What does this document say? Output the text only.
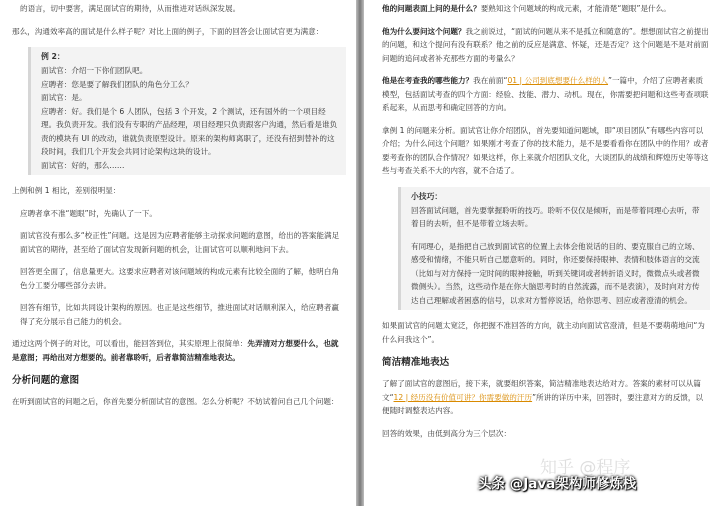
的语言，切中要害，满足面试官的期待，从而推进对话纵深发展。

那么，沟通效率高的面试是什么样子呢？对比上面的例子，下面的回答会让面试官更为满意：

例 2：

面试官：介绍一下你们团队吧。

应聘者：您是要了解我们团队的角色分工么？

面试官：是。

应聘者：好。我们是个 6 人团队，包括 3 个开发，2 个测试，还有国外的一个项目经理。我负责开发。我们没有专职的产品经理，项目经理只负责跟客户沟通，然后看是谁负责的模块有 UI 的改动，谁就负责原型设计。原来的架构师离职了，还没有招到替补的这段时间，我们几个开发会共同讨论架构这块的设计。

面试官：好的，那么……

上例和例 1 相比，差别很明显：

应聘者拿不准“题眼”时，先确认了一下。

面试官没有那么多“校正性”问题。这是因为应聘者能够主动探求问题的意图，给出的答案能满足面试官的期待，甚至给了面试官发现新问题的机会，让面试官可以顺利地问下去。

回答更全面了，信息量更大。这要求应聘者对该问题域的构成元素有比较全面的了解，他明白角色分工要分哪些部分去讲。

回答有细节，比如共同设计架构的原因。也正是这些细节，推进面试对话顺利深入，给应聘者赢得了充分展示自己能力的机会。

通过这两个例子的对比，可以看出，能回答到位，其实原理上很简单：先弄清对方想要什么，也就是意图；再给出对方想要的。前者靠聆听，后者靠简洁精准地表达。

分析问题的意图

在听到面试官的问题之后，你首先要分析面试官的意图。怎么分析呢？不妨试着问自己几个问题：

他的问题表面上问的是什么？要熟知这个问题域的构成元素，才能清楚“题眼”是什么。

他为什么要问这个问题？我之前说过，“面试的问题从来不是孤立和随意的”。想想面试官之前提出的问题，和这个提问有没有联系？他之前的反应是满意、怀疑，还是否定？这个问题是不是对前面问题的追问或者补充那些方面的考量么？

他是在考查我的哪些能力？我在前面“01 | 公司到底想要什么样的人”一篇中，介绍了应聘者素质模型，包括面试考查的四个方面：经验、技能、潜力、动机。现在，你需要把问题和这些考查项联系起来，从而思考和确定回答的方向。

拿例 1 的问题来分析。面试官让你介绍团队，首先要知道问题域，即“项目团队”有哪些内容可以介绍；为什么问这个问题？如果刚才考查了你的技术能力，是不是要看看你在团队中的作用？或者要考查你的团队合作情况？如果这样，你上来就介绍团队文化，大谈团队的战绩和辉煌历史等等这些与考查关系不大的内容，就不合适了。

小技巧：

回答面试问题，首先要掌握聆听的技巧。聆听不仅仅是倾听，而是带着同理心去听，带着目的去听，但不是带着立场去听。

有同理心，是指把自己放到面试官的位置上去体会他说话的目的、要克服自己的立场、感受和情绪，不能只听自己愿意听的。同时，你还要保持眼神、表情和肢体语言的交流（比如与对方保持一定时间的眼神接触，听到关键词或者转折语义时，微微点头或者微微侧头）。当然，这些动作是在你大脑思考时的自然流露，而不是表演），及时向对方传达自己理解或者困惑的信号，以求对方暂停说话，给你思考、回应或者澄清的机会。

如果面试官的问题太宽泛，你把握不准回答的方向，就主动向面试官澄清，但是不要萌萌地问“为什么问我这个”。

简洁精准地表达

了解了面试官的意图后，接下来，就要组织答案，简洁精准地表达给对方。答案的素材可以从篇文“12 | 经历没有价值可讲？你需要做的汗历”所讲的详历中来，回答时，要注意对方的反馈，以便随时调整表达内容。

回答的效果，由低到高分为三个层次：

知乎 @程序
头条 @Java架构师修炼栈
